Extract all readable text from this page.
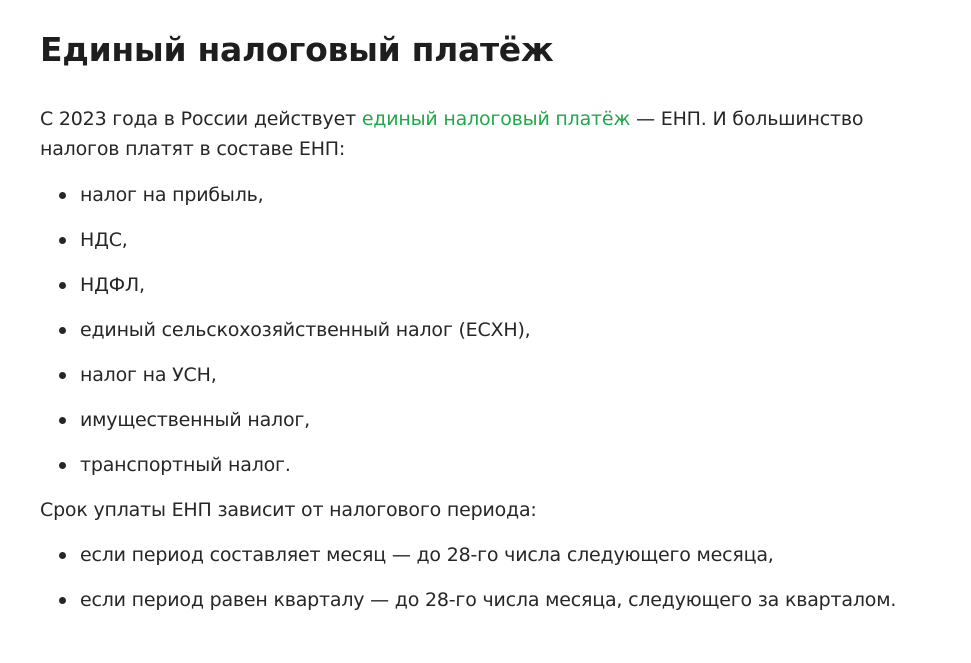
Единый налоговый платёж

С 2023 года в России действует единый налоговый платёж — ЕНП. И большинство налогов платят в составе ЕНП:

налог на прибыль,
НДС,
НДФЛ,
единый сельскохозяйственный налог (ЕСХН),
налог на УСН,
имущественный налог,
транспортный налог.

Срок уплаты ЕНП зависит от налогового периода:

если период составляет месяц — до 28-го числа следующего месяца,
если период равен кварталу — до 28-го числа месяца, следующего за кварталом.
